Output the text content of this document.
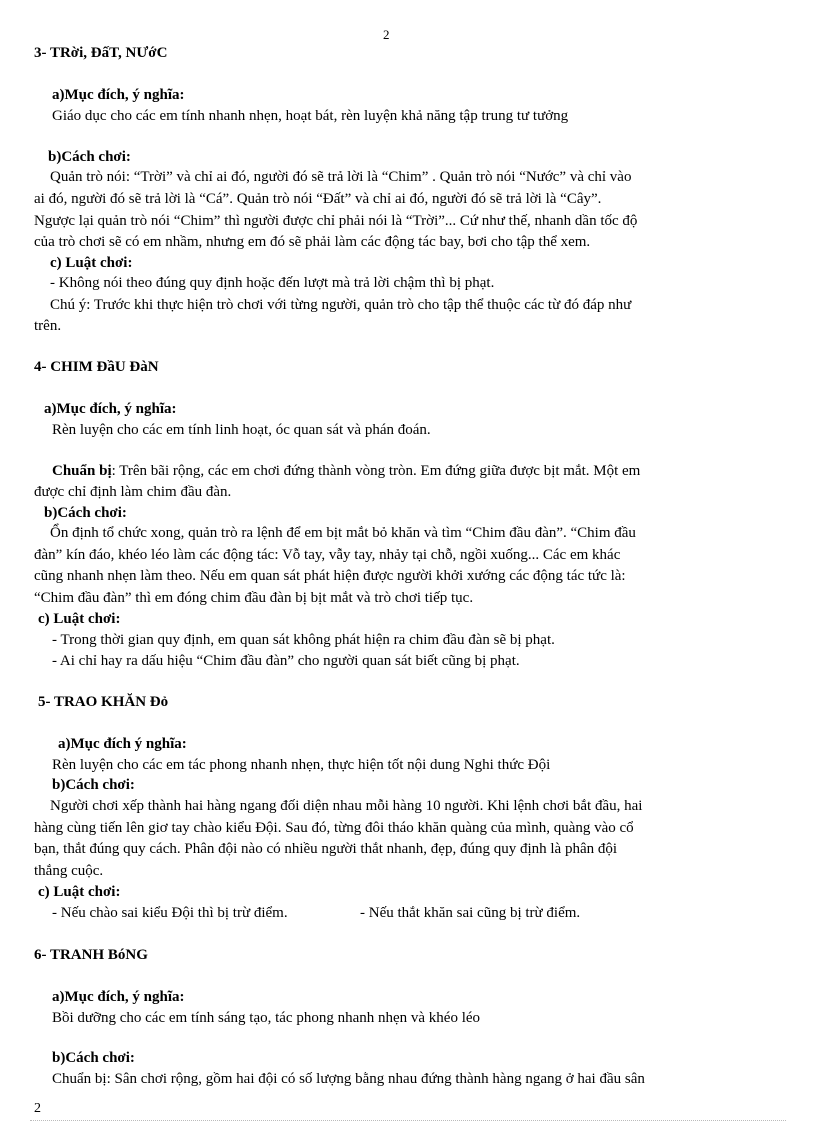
2
3- TRời, ĐấT, NƯớC
a)Mục đích, ý nghĩa:
Giáo dục cho các em tính nhanh nhẹn, hoạt bát, rèn luyện khả năng tập trung tư tưởng
b)Cách chơi:
Quản trò nói: “Trời” và chỉ ai đó, người đó sẽ trả lời là “Chim” . Quản trò nói “Nước” và chỉ vào
ai đó, người đó sẽ trả lời là “Cá”. Quản trò nói “Đất” và chỉ ai đó, người đó sẽ trả lời là “Cây”.
Ngược lại quản trò nói “Chim” thì người được chỉ phải nói là “Trời”... Cứ như thế, nhanh dần tốc độ
của trò chơi sẽ có em nhầm, nhưng em đó sẽ phải làm các động tác bay, bơi cho tập thể xem.
c) Luật chơi:
- Không nói theo đúng quy định hoặc đến lượt mà trả lời chậm thì bị phạt.
Chú ý: Trước khi thực hiện trò chơi với từng người, quản trò cho tập thể thuộc các từ đó đáp như
trên.
4- CHIM ĐầU ĐàN
a)Mục đích, ý nghĩa:
Rèn luyện cho các em tính linh hoạt, óc quan sát và phán đoán.
Chuẩn bị: Trên bãi rộng, các em chơi đứng thành vòng tròn. Em đứng giữa được bịt mắt. Một em
được chỉ định làm chim đầu đàn.
b)Cách chơi:
Ổn định tổ chức xong, quản trò ra lệnh để em bịt mắt bỏ khăn và tìm “Chim đầu đàn”. “Chim đầu
đàn” kín đáo, khéo léo làm các động tác: Vỗ tay, vẫy tay, nhảy tại chỗ, ngồi xuống... Các em khác
cũng nhanh nhẹn làm theo. Nếu em quan sát phát hiện được người khởi xướng các động tác tức là:
“Chim đầu đàn” thì em đóng chim đầu đàn bị bịt mắt và trò chơi tiếp tục.
c) Luật chơi:
- Trong thời gian quy định, em quan sát không phát hiện ra chim đầu đàn sẽ bị phạt.
- Ai chỉ hay ra dấu hiệu “Chim đầu đàn” cho người quan sát biết cũng bị phạt.
5- TRAO KHĂN Đỏ
a)Mục đích ý nghĩa:
Rèn luyện cho các em tác phong nhanh nhẹn, thực hiện tốt nội dung Nghi thức Đội
b)Cách chơi:
Người chơi xếp thành hai hàng ngang đối diện nhau mỗi hàng 10 người. Khi lệnh chơi bắt đầu, hai
hàng cùng tiến lên giơ tay chào kiểu Đội. Sau đó, từng đôi tháo khăn quàng của mình, quàng vào cổ
bạn, thắt đúng quy cách. Phân đội nào có nhiều người thắt nhanh, đẹp, đúng quy định là phân đội
thắng cuộc.
c) Luật chơi:
- Nếu chào sai kiểu Đội thì bị trừ điểm.	- Nếu thắt khăn sai cũng bị trừ điểm.
6- TRANH BóNG
a)Mục đích, ý nghĩa:
Bồi dưỡng cho các em tính sáng tạo, tác phong nhanh nhẹn và khéo léo
b)Cách chơi:
Chuẩn bị: Sân chơi rộng, gồm hai đội có số lượng bằng nhau đứng thành hàng ngang ở hai đầu sân
2
